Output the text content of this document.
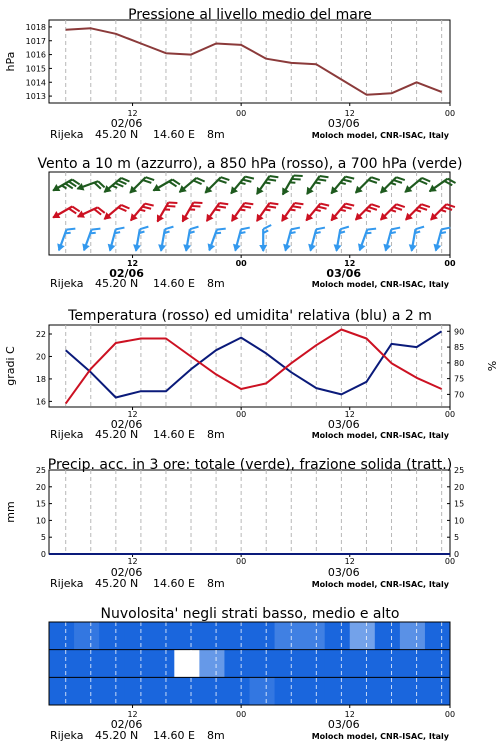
Pressione al livello medio del mare
12	00	12	00
02/06	03/06
Rijeka 45.20 N 14.60 E 8m	Moloch model, CNR-ISAC, Italy
1013
1014
1015
1016
1017
1018
hPa
Vento a 10 m (azzurro), a 850 hPa (rosso), a 700 hPa (verde)
12	00	12	00
02/06	03/06
Rijeka 45.20 N 14.60 E 8m	Moloch model, CNR-ISAC, Italy
Temperatura (rosso) ed umidita' relativa (blu) a 2 m
12	00	12	00
02/06	03/06
Rijeka 45.20 N 14.60 E 8m	Moloch model, CNR-ISAC, Italy
16
18
20
22
70
75
80
85
90
gradi C	%
Precip. acc. in 3 ore: totale (verde), frazione solida (tratt.)
12	00	12	00
02/06	03/06
Rijeka 45.20 N 14.60 E 8m	Moloch model, CNR-ISAC, Italy
0
5
10
15
20
25
0
5
10
15
20
25
mm
Nuvolosita' negli strati basso, medio e alto
12	00	12	00
02/06	03/06
Rijeka 45.20 N 14.60 E 8m	Moloch model, CNR-ISAC, Italy
